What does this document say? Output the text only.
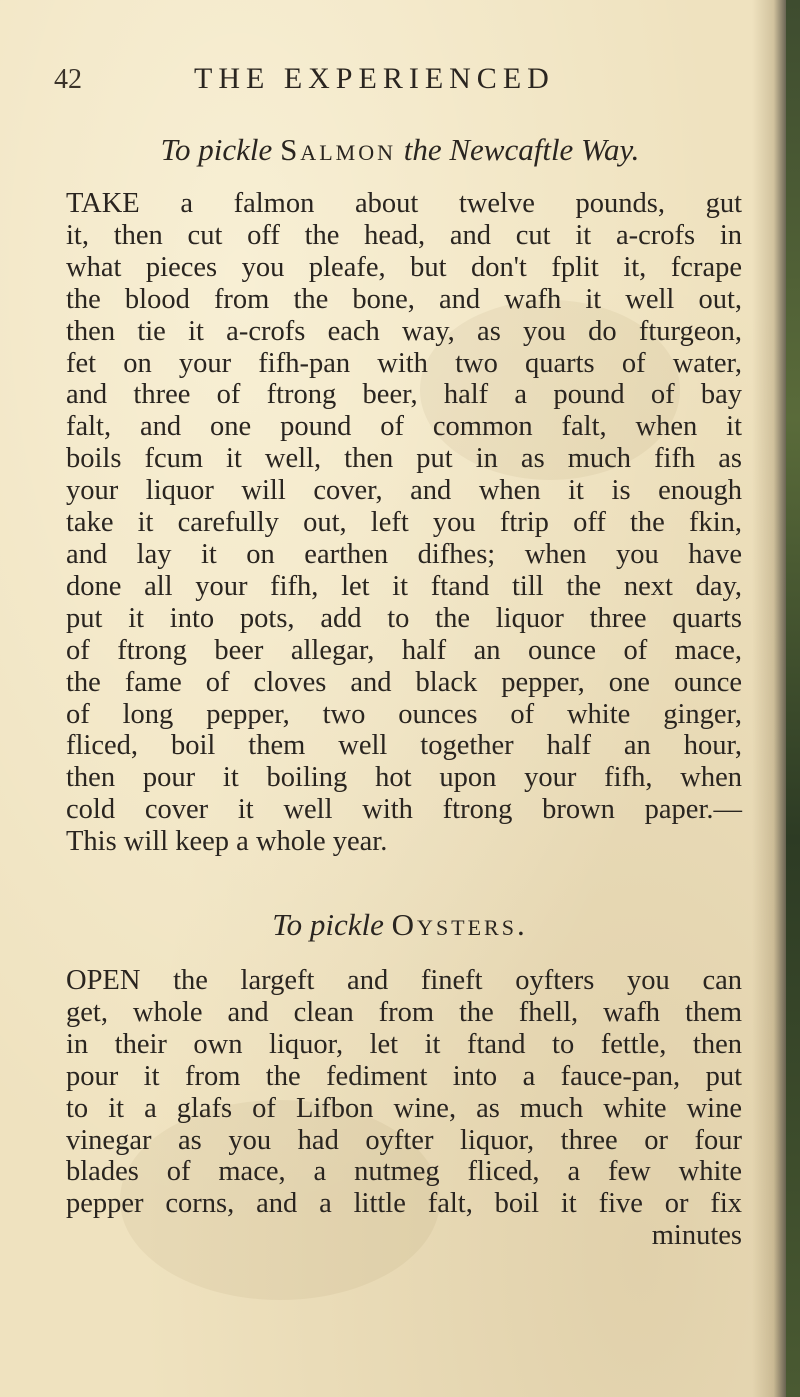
42	THE EXPERIENCED
To pickle Salmon the Newcaftle Way.
TAKE a falmon about twelve pounds, gut
it, then cut off the head, and cut it a-crofs in
what pieces you pleafe, but don't fplit it, fcrape
the blood from the bone, and wafh it well out,
then tie it a-crofs each way, as you do fturgeon,
fet on your fifh-pan with two quarts of water,
and three of ftrong beer, half a pound of bay
falt, and one pound of common falt, when it
boils fcum it well, then put in as much fifh as
your liquor will cover, and when it is enough
take it carefully out, left you ftrip off the fkin,
and lay it on earthen difhes; when you have
done all your fifh, let it ftand till the next day,
put it into pots, add to the liquor three quarts
of ftrong beer allegar, half an ounce of mace,
the fame of cloves and black pepper, one ounce
of long pepper, two ounces of white ginger,
fliced, boil them well together half an hour,
then pour it boiling hot upon your fifh, when
cold cover it well with ftrong brown paper.—
This will keep a whole year.
To pickle Oysters.
OPEN the largeft and fineft oyfters you can
get, whole and clean from the fhell, wafh them
in their own liquor, let it ftand to fettle, then
pour it from the fediment into a fauce-pan, put
to it a glafs of Lifbon wine, as much white wine
vinegar as you had oyfter liquor, three or four
blades of mace, a nutmeg fliced, a few white
pepper corns, and a little falt, boil it five or fix
minutes
